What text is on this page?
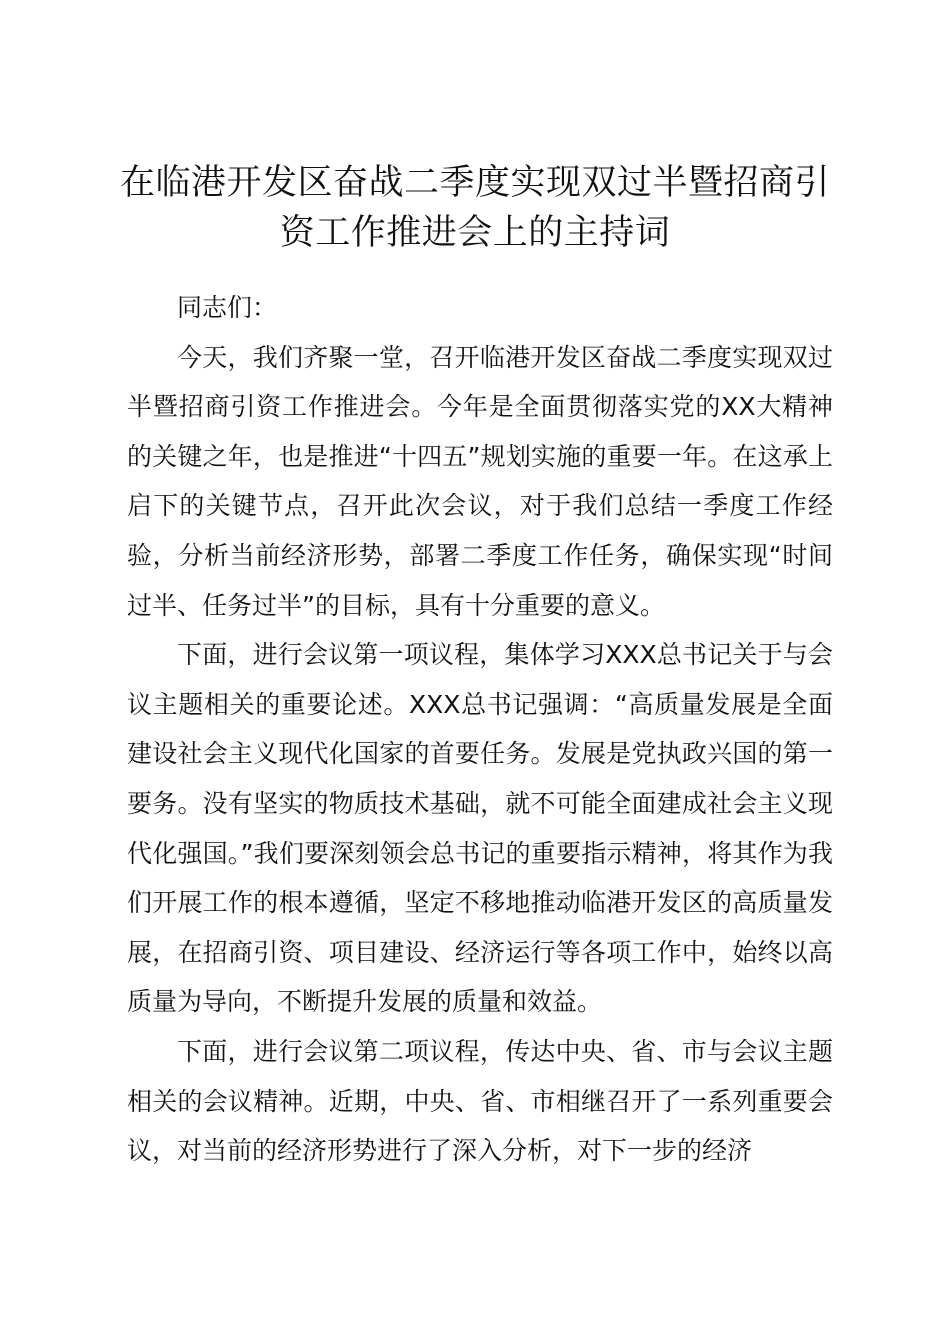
在临港开发区奋战二季度实现双过半暨招商引
资工作推进会上的主持词

同志们：

今天，我们齐聚一堂，召开临港开发区奋战二季度实现双过半暨招商引资工作推进会。今年是全面贯彻落实党的XX大精神的关键之年，也是推进“十四五”规划实施的重要一年。在这承上启下的关键节点，召开此次会议，对于我们总结一季度工作经验，分析当前经济形势，部署二季度工作任务，确保实现“时间过半、任务过半”的目标，具有十分重要的意义。

下面，进行会议第一项议程，集体学习XXX总书记关于与会议主题相关的重要论述。XXX总书记强调：“高质量发展是全面建设社会主义现代化国家的首要任务。发展是党执政兴国的第一要务。没有坚实的物质技术基础，就不可能全面建成社会主义现代化强国。”我们要深刻领会总书记的重要指示精神，将其作为我们开展工作的根本遵循，坚定不移地推动临港开发区的高质量发展，在招商引资、项目建设、经济运行等各项工作中，始终以高质量为导向，不断提升发展的质量和效益。

下面，进行会议第二项议程，传达中央、省、市与会议主题相关的会议精神。近期，中央、省、市相继召开了一系列重要会议，对当前的经济形势进行了深入分析，对下一步的经济
